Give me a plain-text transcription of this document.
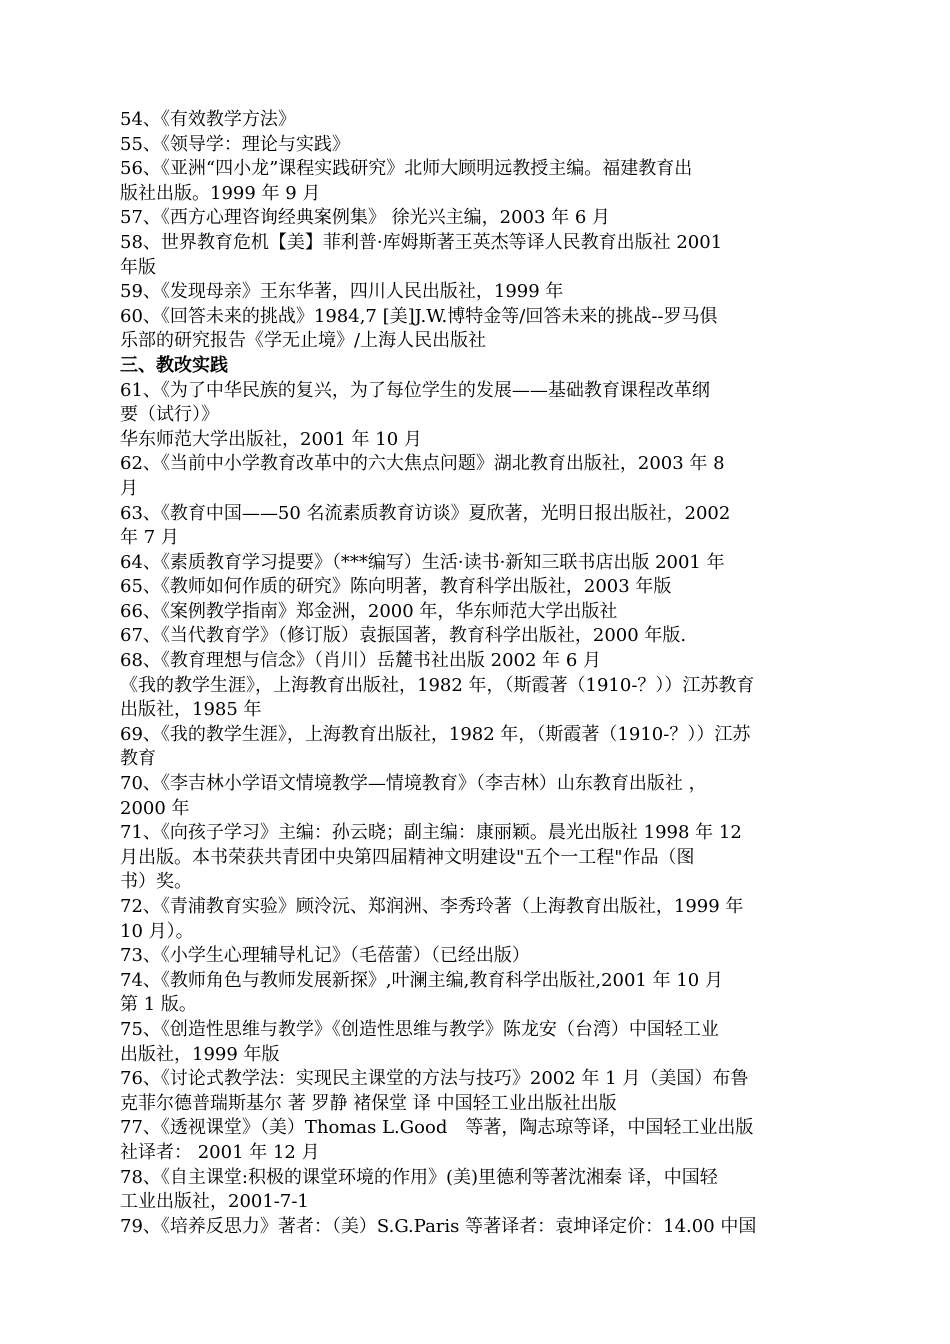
54、《有效教学方法》
55、《领导学：理论与实践》
56、《亚洲“四小龙”课程实践研究》北师大顾明远教授主编。福建教育出
版社出版。1999 年 9 月
57、《西方心理咨询经典案例集》 徐光兴主编，2003 年 6 月
58、世界教育危机【美】菲利普·库姆斯著王英杰等译人民教育出版社 2001
年版
59、《发现母亲》王东华著，四川人民出版社，1999 年
60、《回答未来的挑战》1984,7 [美]J.W.博特金等/回答未来的挑战--罗马俱
乐部的研究报告《学无止境》/上海人民出版社
三、教改实践
61、《为了中华民族的复兴，为了每位学生的发展——基础教育课程改革纲
要（试行）》
华东师范大学出版社，2001 年 10 月
62、《当前中小学教育改革中的六大焦点问题》湖北教育出版社，2003 年 8
月
63、《教育中国——50 名流素质教育访谈》夏欣著，光明日报出版社，2002
年 7 月
64、《素质教育学习提要》（***编写）生活·读书·新知三联书店出版 2001 年
65、《教师如何作质的研究》陈向明著，教育科学出版社，2003 年版
66、《案例教学指南》郑金洲，2000 年，华东师范大学出版社
67、《当代教育学》（修订版）袁振国著，教育科学出版社，2000 年版.
68、《教育理想与信念》（肖川）岳麓书社出版 2002 年 6 月
《我的教学生涯》，上海教育出版社，1982 年，（斯霞著（1910-？））江苏教育
出版社，1985 年
69、《我的教学生涯》，上海教育出版社，1982 年，（斯霞著（1910-？））江苏
教育
70、《李吉林小学语文情境教学—情境教育》（李吉林）山东教育出版社 ，
2000 年
71、《向孩子学习》主编：孙云晓；副主编：康丽颖。晨光出版社 1998 年 12
月出版。本书荣获共青团中央第四届精神文明建设"五个一工程"作品（图
书）奖。
72、《青浦教育实验》顾泠沅、郑润洲、李秀玲著（上海教育出版社，1999 年
10 月）。
73、《小学生心理辅导札记》（毛蓓蕾）（已经出版）
74、《教师角色与教师发展新探》,叶澜主编,教育科学出版社,2001 年 10 月
第 1 版。
75、《创造性思维与教学》《创造性思维与教学》陈龙安（台湾）中国轻工业
出版社，1999 年版
76、《讨论式教学法：实现民主课堂的方法与技巧》2002 年 1 月（美国）布鲁
克菲尔德普瑞斯基尔 著 罗静 褚保堂 译 中国轻工业出版社出版
77、《透视课堂》（美）Thomas L.Good　等著，陶志琼等译，中国轻工业出版
社译者： 2001 年 12 月
78、《自主课堂:积极的课堂环境的作用》(美)里德利等著沈湘秦 译，中国轻
工业出版社，2001-7-1
79、《培养反思力》著者：（美）S.G.Paris 等著译者：袁坤译定价：14.00 中国
